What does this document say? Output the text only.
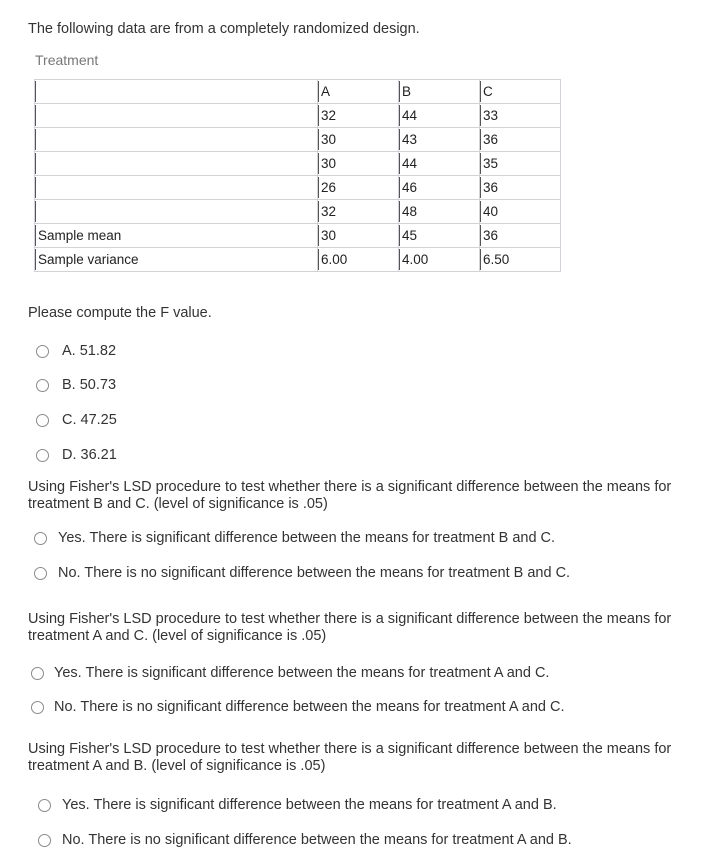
The following data are from a completely randomized design.
Treatment

	A	B	C

	32	44	33

	30	43	36

	30	44	35

	26	46	36

	32	48	40

Sample mean	30	45	36

Sample variance	6.00	4.00	6.50
Please compute the F value.
A. 51.82
B. 50.73
C. 47.25
D. 36.21
Using Fisher's LSD procedure to test whether there is a significant difference between the means for treatment B and C. (level of significance is .05)
Yes. There is significant difference between the means for treatment B and C.
No. There is no significant difference between the means for treatment B and C.
Using Fisher's LSD procedure to test whether there is a significant difference between the means for treatment A and C. (level of significance is .05)
Yes. There is significant difference between the means for treatment A and C.
No. There is no significant difference between the means for treatment A and C.
Using Fisher's LSD procedure to test whether there is a significant difference between the means for treatment A and B. (level of significance is .05)
Yes. There is significant difference between the means for treatment A and B.
No. There is no significant difference between the means for treatment A and B.
